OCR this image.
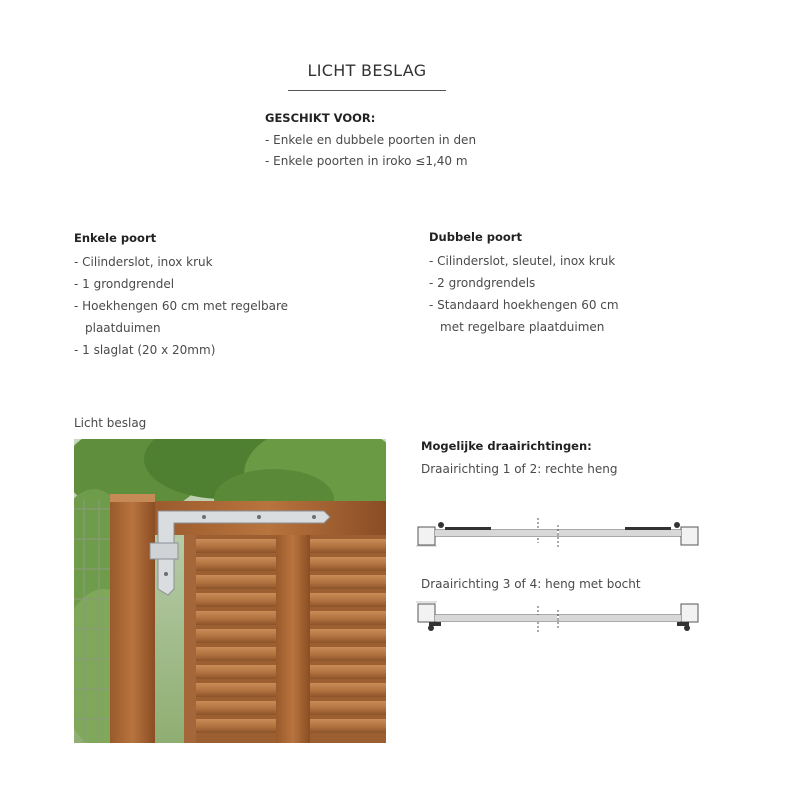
LICHT BESLAG
GESCHIKT VOOR:
- Enkele en dubbele poorten in den
- Enkele poorten in iroko ≤1,40 m
Enkele poort
- Cilinderslot, inox kruk
- 1 grondgrendel
- Hoekhengen 60 cm met regelbare
plaatduimen
- 1 slaglat (20 x 20mm)
Dubbele poort
- Cilinderslot, sleutel, inox kruk
- 2 grondgrendels
- Standaard hoekhengen 60 cm
met regelbare plaatduimen
Licht beslag
Mogelijke draairichtingen:
Draairichting 1 of 2: rechte heng
Draairichting 3 of 4: heng met bocht
